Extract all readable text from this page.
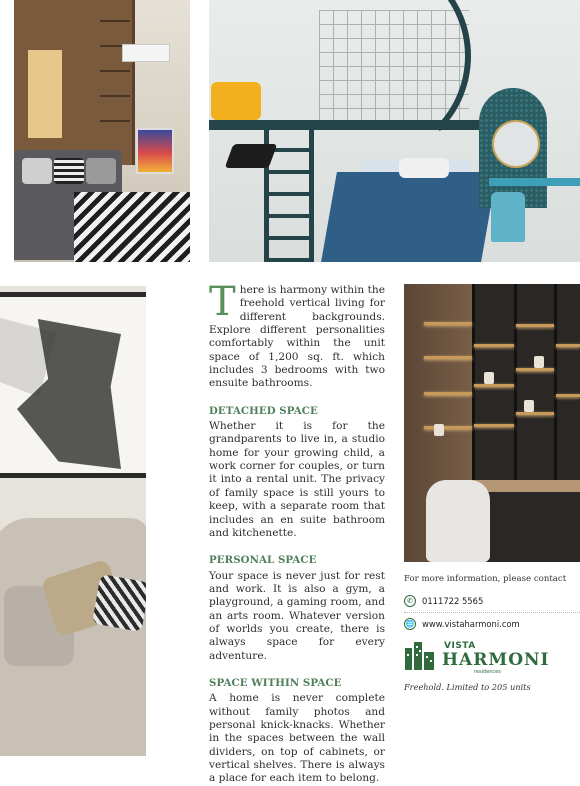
There is harmony within the freehold vertical living for different backgrounds. Explore different personalities comfortably within the unit space of 1,200 sq. ft. which includes 3 bedrooms with two ensuite bathrooms.

DETACHED SPACE

Whether it is for the grandparents to live in, a studio home for your growing child, a work corner for couples, or turn it into a rental unit. The privacy of family space is still yours to keep, with a separate room that includes an en suite bathroom and kitchenette.

PERSONAL SPACE

Your space is never just for rest and work. It is also a gym, a playground, a gaming room, and an arts room. Whatever version of worlds you create, there is always space for every adventure.

SPACE WITHIN SPACE

A home is never complete without family photos and personal knick-knacks. Whether in the spaces between the wall dividers, on top of cabinets, or vertical shelves. There is always a place for each item to belong.

For more information, please contact

✆	0111722 5565
🌐 www.vistaharmoni.com
VISTA
HARMONI
residences
Freehold. Limited to 205 units
